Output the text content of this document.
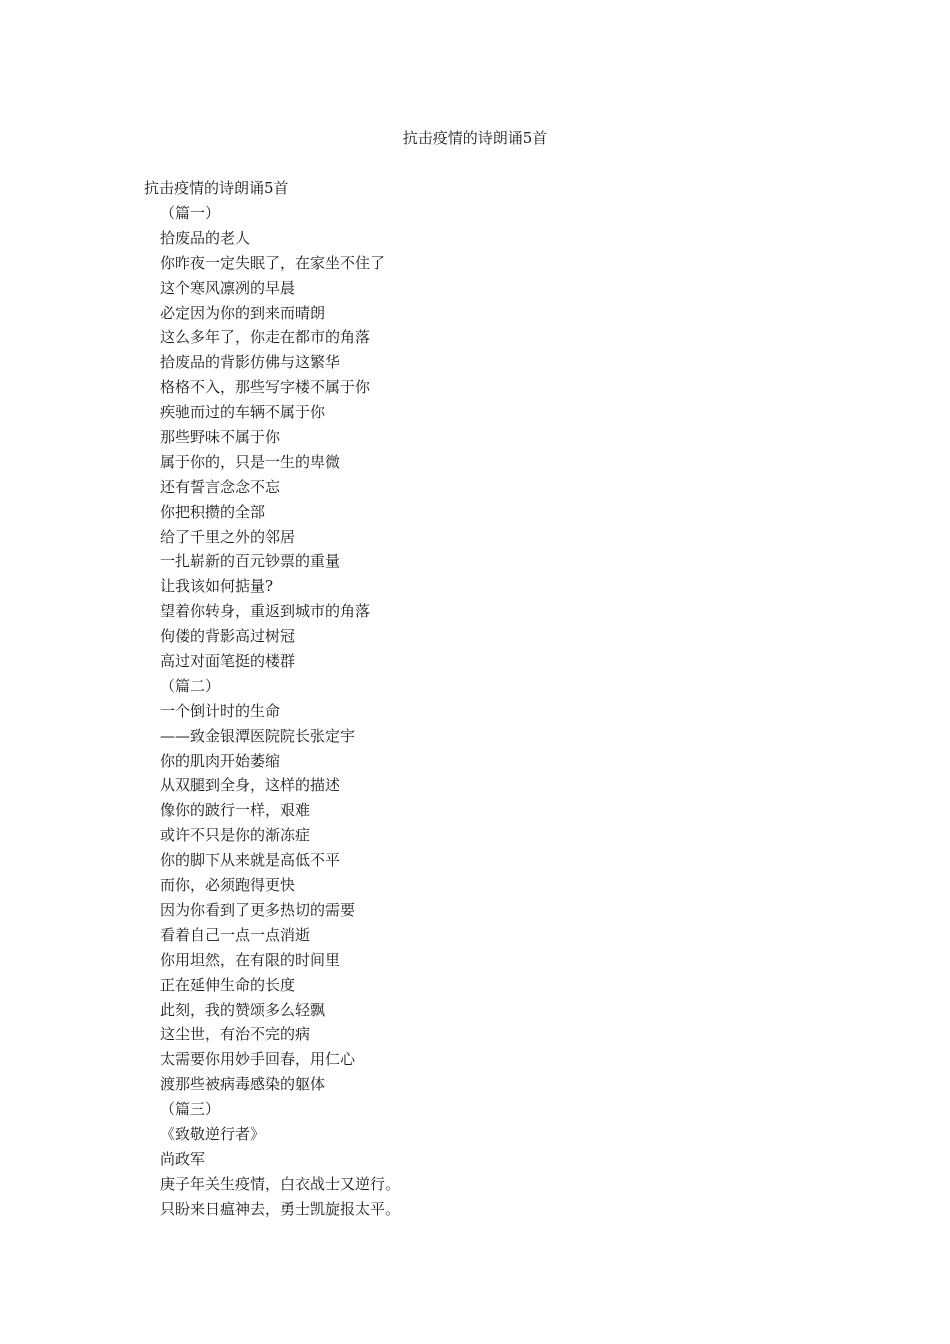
抗击疫情的诗朗诵5首
抗击疫情的诗朗诵5首
（篇一）
拾废品的老人
你昨夜一定失眠了，在家坐不住了
这个寒风凛冽的早晨
必定因为你的到来而晴朗
这么多年了，你走在都市的角落
拾废品的背影仿佛与这繁华
格格不入，那些写字楼不属于你
疾驰而过的车辆不属于你
那些野味不属于你
属于你的，只是一生的卑微
还有誓言念念不忘
你把积攒的全部
给了千里之外的邻居
一扎崭新的百元钞票的重量
让我该如何掂量?
望着你转身，重返到城市的角落
佝偻的背影高过树冠
高过对面笔挺的楼群
（篇二）
一个倒计时的生命
——致金银潭医院院长张定宇
你的肌肉开始萎缩
从双腿到全身，这样的描述
像你的跛行一样，艰难
或许不只是你的渐冻症
你的脚下从来就是高低不平
而你，必须跑得更快
因为你看到了更多热切的需要
看着自己一点一点消逝
你用坦然，在有限的时间里
正在延伸生命的长度
此刻，我的赞颂多么轻飘
这尘世，有治不完的病
太需要你用妙手回春，用仁心
渡那些被病毒感染的躯体
（篇三）
《致敬逆行者》
尚政军
庚子年关生疫情，白衣战士又逆行。
只盼来日瘟神去，勇士凯旋报太平。
